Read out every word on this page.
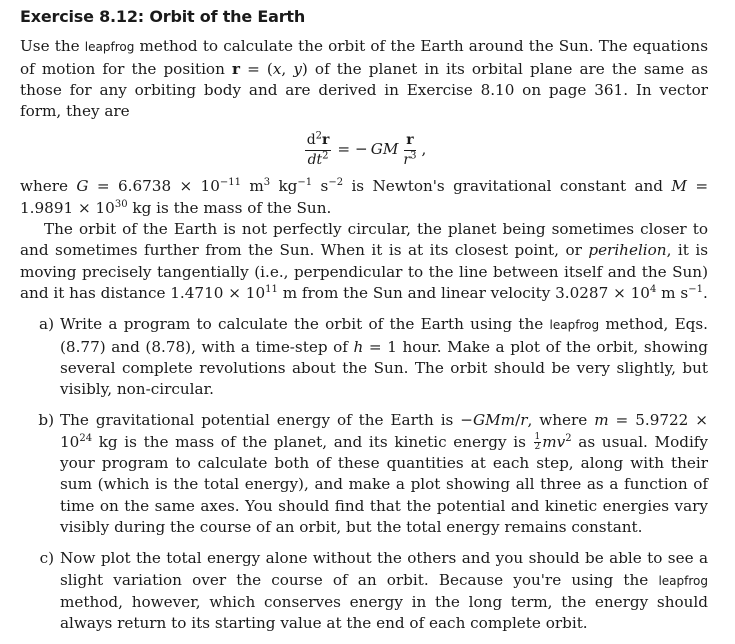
Exercise 8.12: Orbit of the Earth

Use the leapfrog method to calculate the orbit of the Earth around the Sun. The equations of motion for the position r = (x, y) of the planet in its orbital plane are the same as those for any orbiting body and are derived in Exercise 8.10 on page 361. In vector form, they are

$\frac{d^2r}{dt^2}$ = − GM $\frac{r}{r^3}$ ,

where $G = 6.6738 \times 10^{-11}$ $m^3$ $kg^{-1}$ $s^{-2}$ is Newton's gravitational constant and $M = 1.9891 \times 10^{30}$ kg is the mass of the Sun.

The orbit of the Earth is not perfectly circular, the planet being sometimes closer to and sometimes further from the Sun. When it is at its closest point, or perihelion, it is moving precisely tangentially (i.e., perpendicular to the line between itself and the Sun) and it has distance $1.4710 \times 10^{11}$ m from the Sun and linear velocity $3.0287 \times 10^4$ m $s^{-1}$.

a) Write a program to calculate the orbit of the Earth using the leapfrog method, Eqs. (8.77) and (8.78), with a time-step of h = 1 hour. Make a plot of the orbit, showing several complete revolutions about the Sun. The orbit should be very slightly, but visibly, non-circular.
b) The gravitational potential energy of the Earth is −GMm/r, where $m = 5.9722 \times 10^{24}$ kg is the mass of the planet, and its kinetic energy is $\frac{1}{2} mv^2$ as usual. Modify your program to calculate both of these quantities at each step, along with their sum (which is the total energy), and make a plot showing all three as a function of time on the same axes. You should find that the potential and kinetic energies vary visibly during the course of an orbit, but the total energy remains constant.
c) Now plot the total energy alone without the others and you should be able to see a slight variation over the course of an orbit. Because you're using the leapfrog method, however, which conserves energy in the long term, the energy should always return to its starting value at the end of each complete orbit.
